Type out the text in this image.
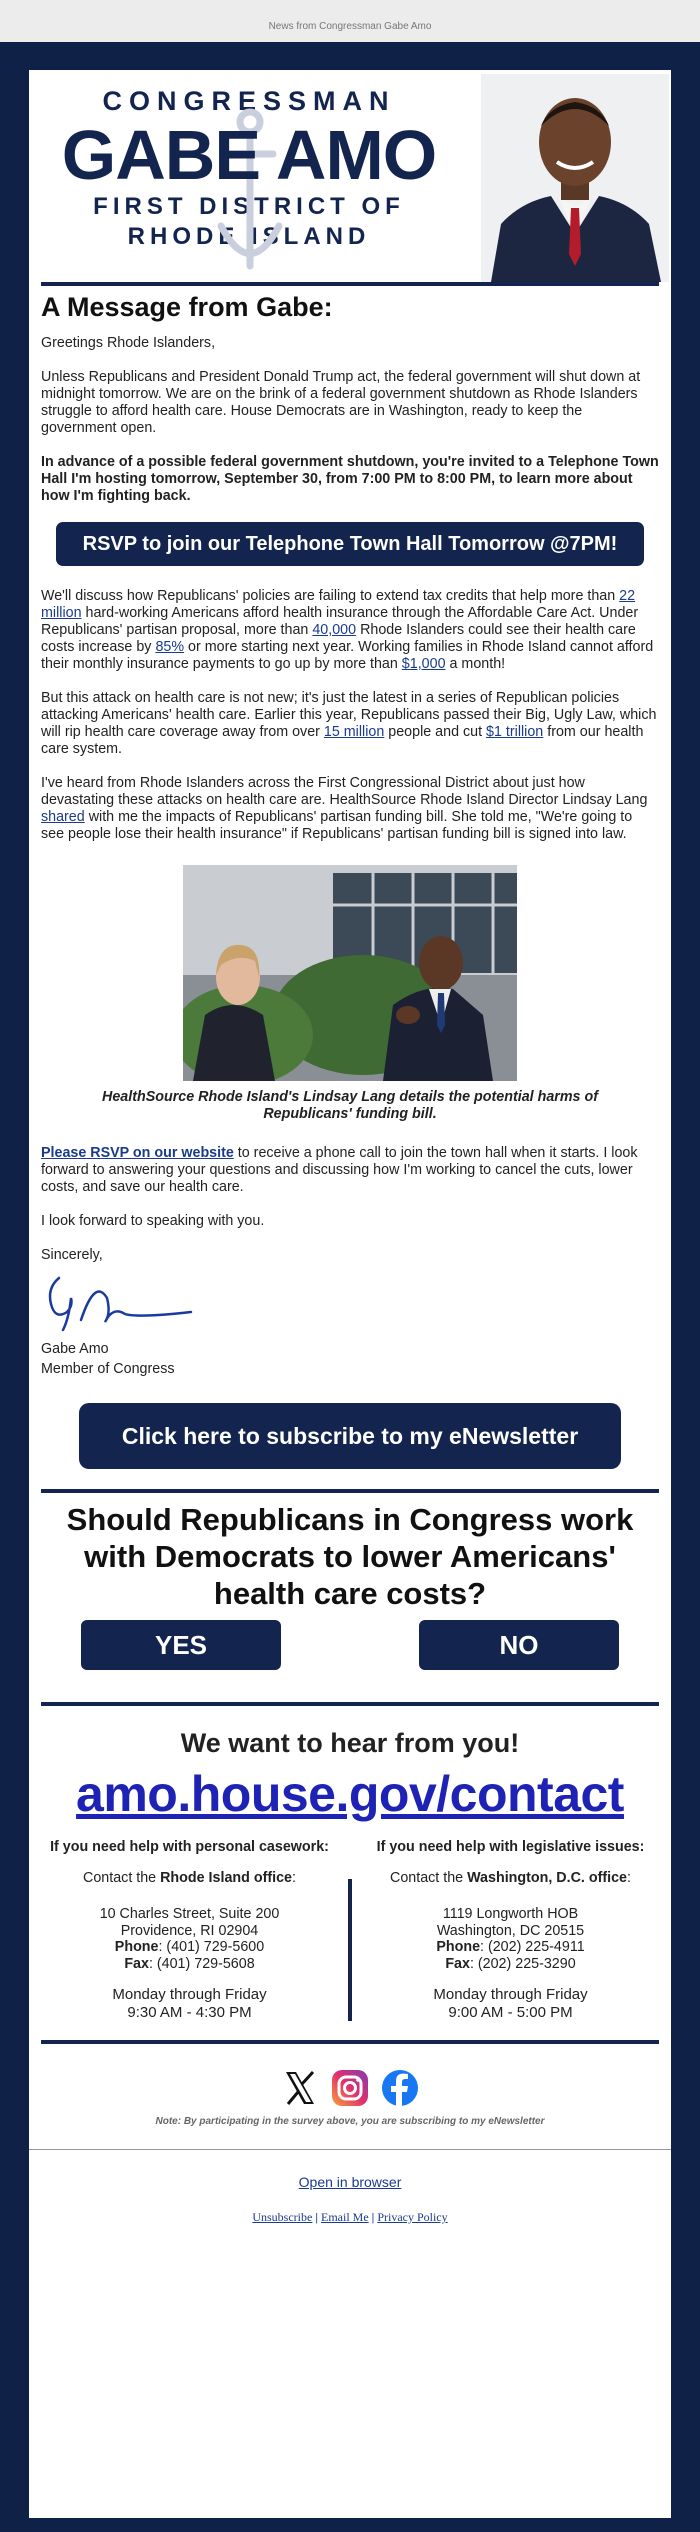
News from Congressman Gabe Amo
CONGRESSMAN
GABE AMO
FIRST DISTRICT OF
RHODE ISLAND
A Message from Gabe:

Greetings Rhode Islanders,

Unless Republicans and President Donald Trump act, the federal government will shut down at midnight tomorrow. We are on the brink of a federal government shutdown as Rhode Islanders struggle to afford health care. House Democrats are in Washington, ready to keep the government open.

In advance of a possible federal government shutdown, you're invited to a Telephone Town Hall I'm hosting tomorrow, September 30, from 7:00 PM to 8:00 PM, to learn more about how I'm fighting back.

RSVP to join our Telephone Town Hall Tomorrow @7PM!

We'll discuss how Republicans' policies are failing to extend tax credits that help more than 22 million hard-working Americans afford health insurance through the Affordable Care Act. Under Republicans' partisan proposal, more than 40,000 Rhode Islanders could see their health care costs increase by 85% or more starting next year. Working families in Rhode Island cannot afford their monthly insurance payments to go up by more than $1,000 a month!

But this attack on health care is not new; it's just the latest in a series of Republican policies attacking Americans' health care. Earlier this year, Republicans passed their Big, Ugly Law, which will rip health care coverage away from over 15 million people and cut $1 trillion from our health care system.

I've heard from Rhode Islanders across the First Congressional District about just how devastating these attacks on health care are. HealthSource Rhode Island Director Lindsay Lang shared with me the impacts of Republicans' partisan funding bill. She told me, "We're going to see people lose their health insurance" if Republicans' partisan funding bill is signed into law.

HealthSource Rhode Island's Lindsay Lang details the potential harms of Republicans' funding bill.

Please RSVP on our website to receive a phone call to join the town hall when it starts. I look forward to answering your questions and discussing how I'm working to cancel the cuts, lower costs, and save our health care.

I look forward to speaking with you.

Sincerely,

Gabe Amo
Member of Congress
Click here to subscribe to my eNewsletter
Should Republicans in Congress work with Democrats to lower Americans' health care costs?
YES	NO
We want to hear from you!
amo.house.gov/contact
If you need help with personal casework:
Contact the Rhode Island office:
10 Charles Street, Suite 200
Providence, RI 02904
Phone: (401) 729-5600
Fax: (401) 729-5608
Monday through Friday
9:30 AM - 4:30 PM
If you need help with legislative issues:
Contact the Washington, D.C. office:
1119 Longworth HOB
Washington, DC 20515
Phone: (202) 225-4911
Fax: (202) 225-3290
Monday through Friday
9:00 AM - 5:00 PM
Note: By participating in the survey above, you are subscribing to my eNewsletter
Open in browser
Unsubscribe | Email Me | Privacy Policy
